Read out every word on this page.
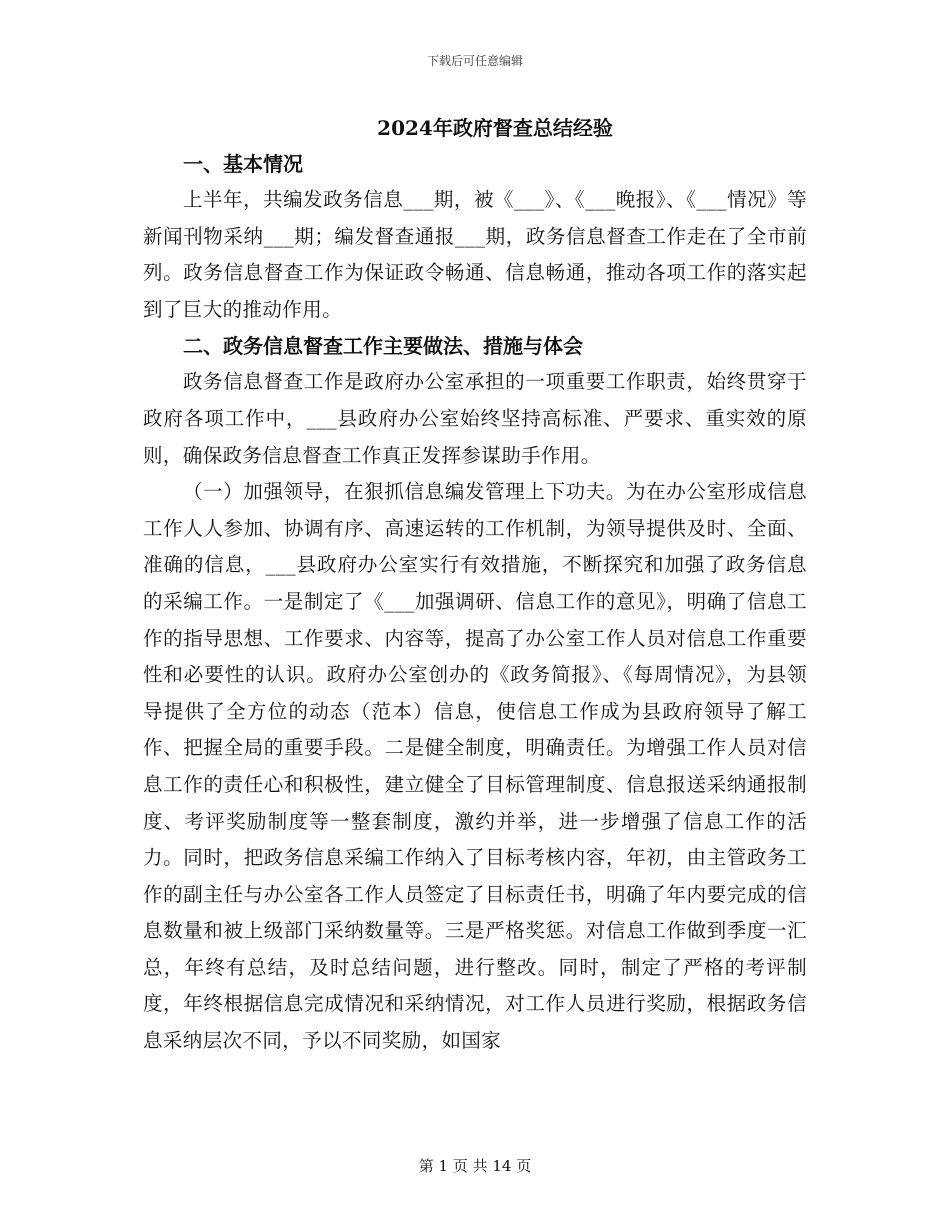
下载后可任意编辑
2024年政府督查总结经验
一、基本情况

上半年，共编发政务信息___期，被《___》、《___晚报》、《___情况》等新闻刊物采纳___期；编发督查通报___期，政务信息督查工作走在了全市前列。政务信息督查工作为保证政令畅通、信息畅通，推动各项工作的落实起到了巨大的推动作用。

二、政务信息督查工作主要做法、措施与体会

政务信息督查工作是政府办公室承担的一项重要工作职责，始终贯穿于政府各项工作中，___县政府办公室始终坚持高标准、严要求、重实效的原则，确保政务信息督查工作真正发挥参谋助手作用。

（一）加强领导，在狠抓信息编发管理上下功夫。为在办公室形成信息工作人人参加、协调有序、高速运转的工作机制，为领导提供及时、全面、准确的信息，___县政府办公室实行有效措施，不断探究和加强了政务信息的采编工作。一是制定了《___加强调研、信息工作的意见》，明确了信息工作的指导思想、工作要求、内容等，提高了办公室工作人员对信息工作重要性和必要性的认识。政府办公室创办的《政务简报》、《每周情况》，为县领导提供了全方位的动态（范本）信息，使信息工作成为县政府领导了解工作、把握全局的重要手段。二是健全制度，明确责任。为增强工作人员对信息工作的责任心和积极性，建立健全了目标管理制度、信息报送采纳通报制度、考评奖励制度等一整套制度，激约并举，进一步增强了信息工作的活力。同时，把政务信息采编工作纳入了目标考核内容，年初，由主管政务工作的副主任与办公室各工作人员签定了目标责任书，明确了年内要完成的信息数量和被上级部门采纳数量等。三是严格奖惩。对信息工作做到季度一汇总，年终有总结，及时总结问题，进行整改。同时，制定了严格的考评制度，年终根据信息完成情况和采纳情况，对工作人员进行奖励，根据政务信息采纳层次不同，予以不同奖励，如国家

第 1 页 共 14 页
